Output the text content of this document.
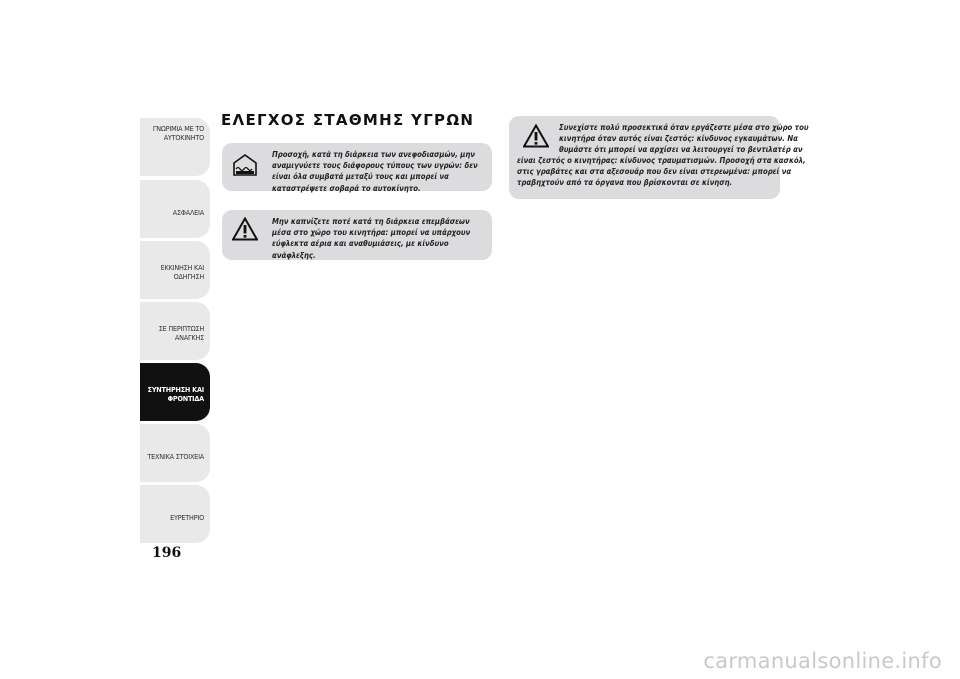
ΓΝΩΡΙΜΙΑ ΜΕ ΤΟ
ΑΥΤΟΚΙΝΗΤΟ
ΑΣΦΑΛΕΙΑ
ΕΚΚΙΝΗΣΗ ΚΑΙ
ΟΔΗΓΗΣΗ
ΣΕ ΠΕΡΙΠΤΩΣΗ
ΑΝΑΓΚΗΣ
ΣΥΝΤΗΡΗΣΗ ΚΑΙ
ΦΡΟΝΤΙΔΑ
ΤΕΧΝΙΚΑ ΣΤΟΙΧΕΙΑ
ΕΥΡΕΤΗΡΙΟ
196
ΕΛΕΓΧΟΣ ΣΤΑΘΜΗΣ ΥΓΡΩΝ
Προσοχή, κατά τη διάρκεια των ανεφοδιασμών, μην αναμιγνύετε τους διάφορους τύπους των υγρών: δεν είναι όλα συμβατά μεταξύ τους και μπορεί να καταστρέψετε σοβαρά το αυτοκίνητο.
Μην καπνίζετε ποτέ κατά τη διάρκεια επεμβάσεων μέσα στο χώρο του κινητήρα: μπορεί να υπάρχουν εύφλεκτα αέρια και αναθυμιάσεις, με κίνδυνο ανάφλεξης.
Συνεχίστε πολύ προσεκτικά όταν εργάζεστε μέσα στο χώρο του
κινητήρα όταν αυτός είναι ζεστός: κίνδυνος εγκαυμάτων. Να
θυμάστε ότι μπορεί να αρχίσει να λειτουργεί το βεντιλατέρ αν
είναι ζεστός ο κινητήρας: κίνδυνος τραυματισμών. Προσοχή στα κασκόλ,
στις γραβάτες και στα αξεσουάρ που δεν είναι στερεωμένα: μπορεί να
τραβηχτούν από τα όργανα που βρίσκονται σε κίνηση.
carmanualsonline.info
